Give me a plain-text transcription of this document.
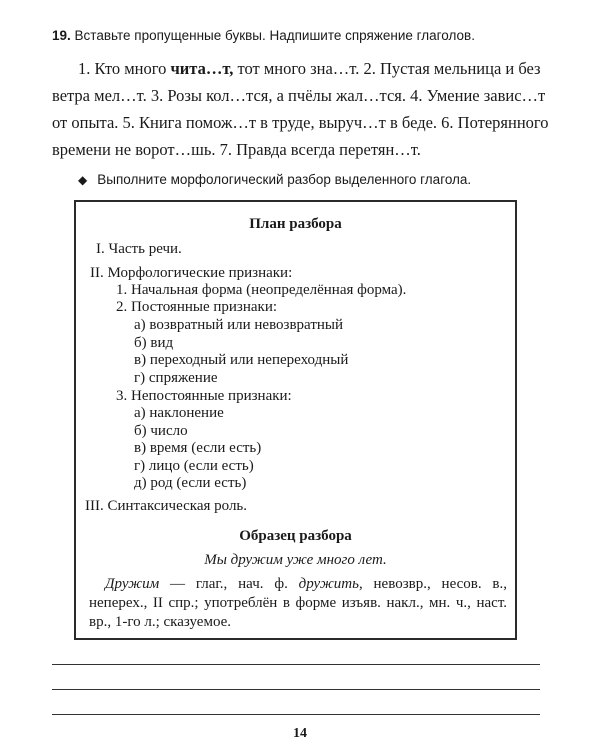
19. Вставьте пропущенные буквы. Надпишите спряжение глаголов.

1. Кто много чита…т, тот много зна…т. 2. Пустая мельница и без ветра мел…т. 3. Розы кол…тся, а пчёлы жал…тся. 4. Умение завис…т от опыта. 5. Книга помож…т в труде, выруч…т в беде. 6. Потерянного времени не ворот…шь. 7. Правда всегда перетян…т.

◆ Выполните морфологический разбор выделенного глагола.
План разбора
I. Часть речи.
II. Морфологические признаки:
1. Начальная форма (неопределённая форма).
2. Постоянные признаки:
а) возвратный или невозвратный
б) вид
в) переходный или непереходный
г) спряжение
3. Непостоянные признаки:
а) наклонение
б) число
в) время (если есть)
г) лицо (если есть)
д) род (если есть)
III. Синтаксическая роль.
Образец разбора
Мы дружим уже много лет.
Дружим — глаг., нач. ф. дружить, невозвр., несов. в., неперех., II спр.; употреблён в форме изъяв. накл., мн. ч., наст. вр., 1-го л.; сказуемое.
14
